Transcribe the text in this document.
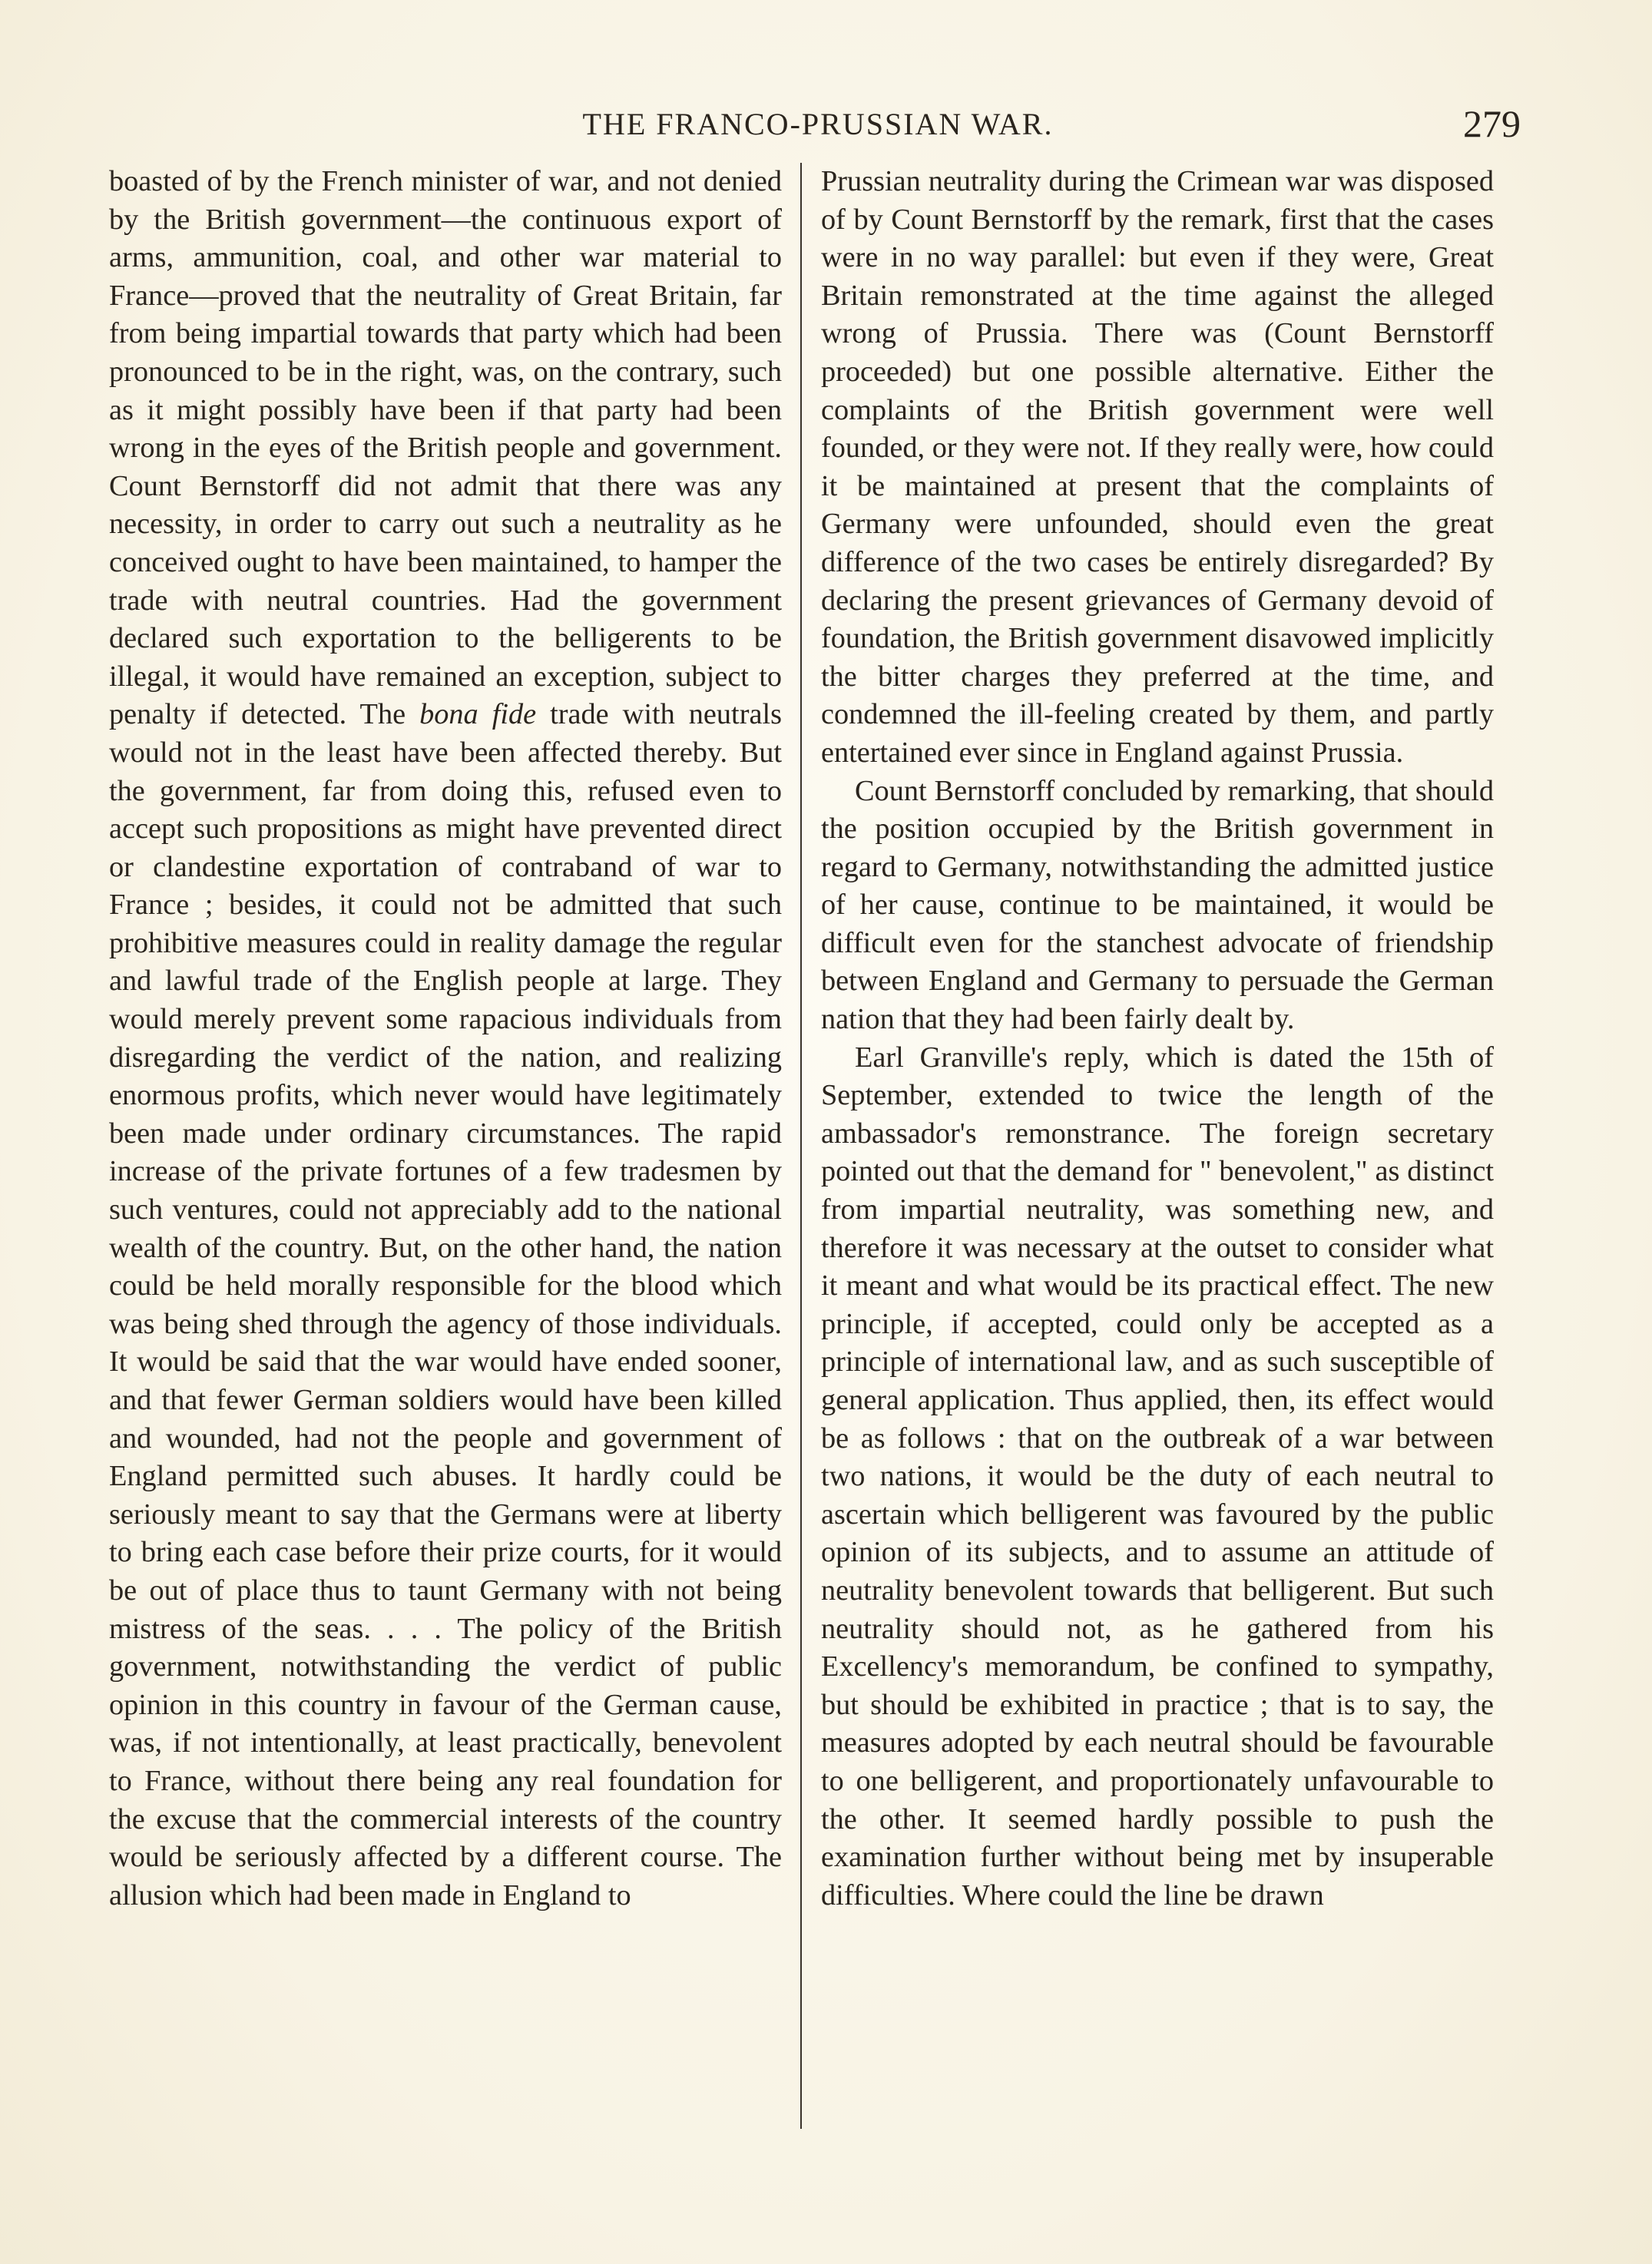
THE FRANCO-PRUSSIAN WAR.	279

boasted of by the French minister of war, and not denied by the British government—the continuous export of arms, ammunition, coal, and other war material to France—proved that the neutrality of Great Britain, far from being impartial towards that party which had been pronounced to be in the right, was, on the contrary, such as it might possibly have been if that party had been wrong in the eyes of the British people and government. Count Bernstorff did not admit that there was any necessity, in order to carry out such a neutrality as he conceived ought to have been maintained, to hamper the trade with neutral countries. Had the government declared such exportation to the belligerents to be illegal, it would have remained an exception, subject to penalty if detected. The bona fide trade with neutrals would not in the least have been affected thereby. But the government, far from doing this, refused even to accept such propositions as might have prevented direct or clandestine exportation of contraband of war to France ; besides, it could not be admitted that such prohibitive measures could in reality damage the regular and lawful trade of the English people at large. They would merely prevent some rapacious individuals from disregarding the verdict of the nation, and realizing enormous profits, which never would have legitimately been made under ordinary circumstances. The rapid increase of the private fortunes of a few tradesmen by such ventures, could not appreciably add to the national wealth of the country. But, on the other hand, the nation could be held morally responsible for the blood which was being shed through the agency of those individuals. It would be said that the war would have ended sooner, and that fewer German soldiers would have been killed and wounded, had not the people and government of England permitted such abuses. It hardly could be seriously meant to say that the Germans were at liberty to bring each case before their prize courts, for it would be out of place thus to taunt Germany with not being mistress of the seas. . . . The policy of the British government, notwithstanding the verdict of public opinion in this country in favour of the German cause, was, if not intentionally, at least practically, benevolent to France, without there being any real foundation for the excuse that the commercial interests of the country would be seriously affected by a different course. The allusion which had been made in England to

Prussian neutrality during the Crimean war was disposed of by Count Bernstorff by the remark, first that the cases were in no way parallel: but even if they were, Great Britain remonstrated at the time against the alleged wrong of Prussia. There was (Count Bernstorff proceeded) but one possible alternative. Either the complaints of the British government were well founded, or they were not. If they really were, how could it be maintained at present that the complaints of Germany were unfounded, should even the great difference of the two cases be entirely disregarded? By declaring the present grievances of Germany devoid of foundation, the British government disavowed implicitly the bitter charges they preferred at the time, and condemned the ill-feeling created by them, and partly entertained ever since in England against Prussia.

Count Bernstorff concluded by remarking, that should the position occupied by the British government in regard to Germany, notwithstanding the admitted justice of her cause, continue to be maintained, it would be difficult even for the stanchest advocate of friendship between England and Germany to persuade the German nation that they had been fairly dealt by.

Earl Granville's reply, which is dated the 15th of September, extended to twice the length of the ambassador's remonstrance. The foreign secretary pointed out that the demand for " benevolent," as distinct from impartial neutrality, was something new, and therefore it was necessary at the outset to consider what it meant and what would be its practical effect. The new principle, if accepted, could only be accepted as a principle of international law, and as such susceptible of general application. Thus applied, then, its effect would be as follows : that on the outbreak of a war between two nations, it would be the duty of each neutral to ascertain which belligerent was favoured by the public opinion of its subjects, and to assume an attitude of neutrality benevolent towards that belligerent. But such neutrality should not, as he gathered from his Excellency's memorandum, be confined to sympathy, but should be exhibited in practice ; that is to say, the measures adopted by each neutral should be favourable to one belligerent, and proportionately unfavourable to the other. It seemed hardly possible to push the examination further without being met by insuperable difficulties. Where could the line be drawn
